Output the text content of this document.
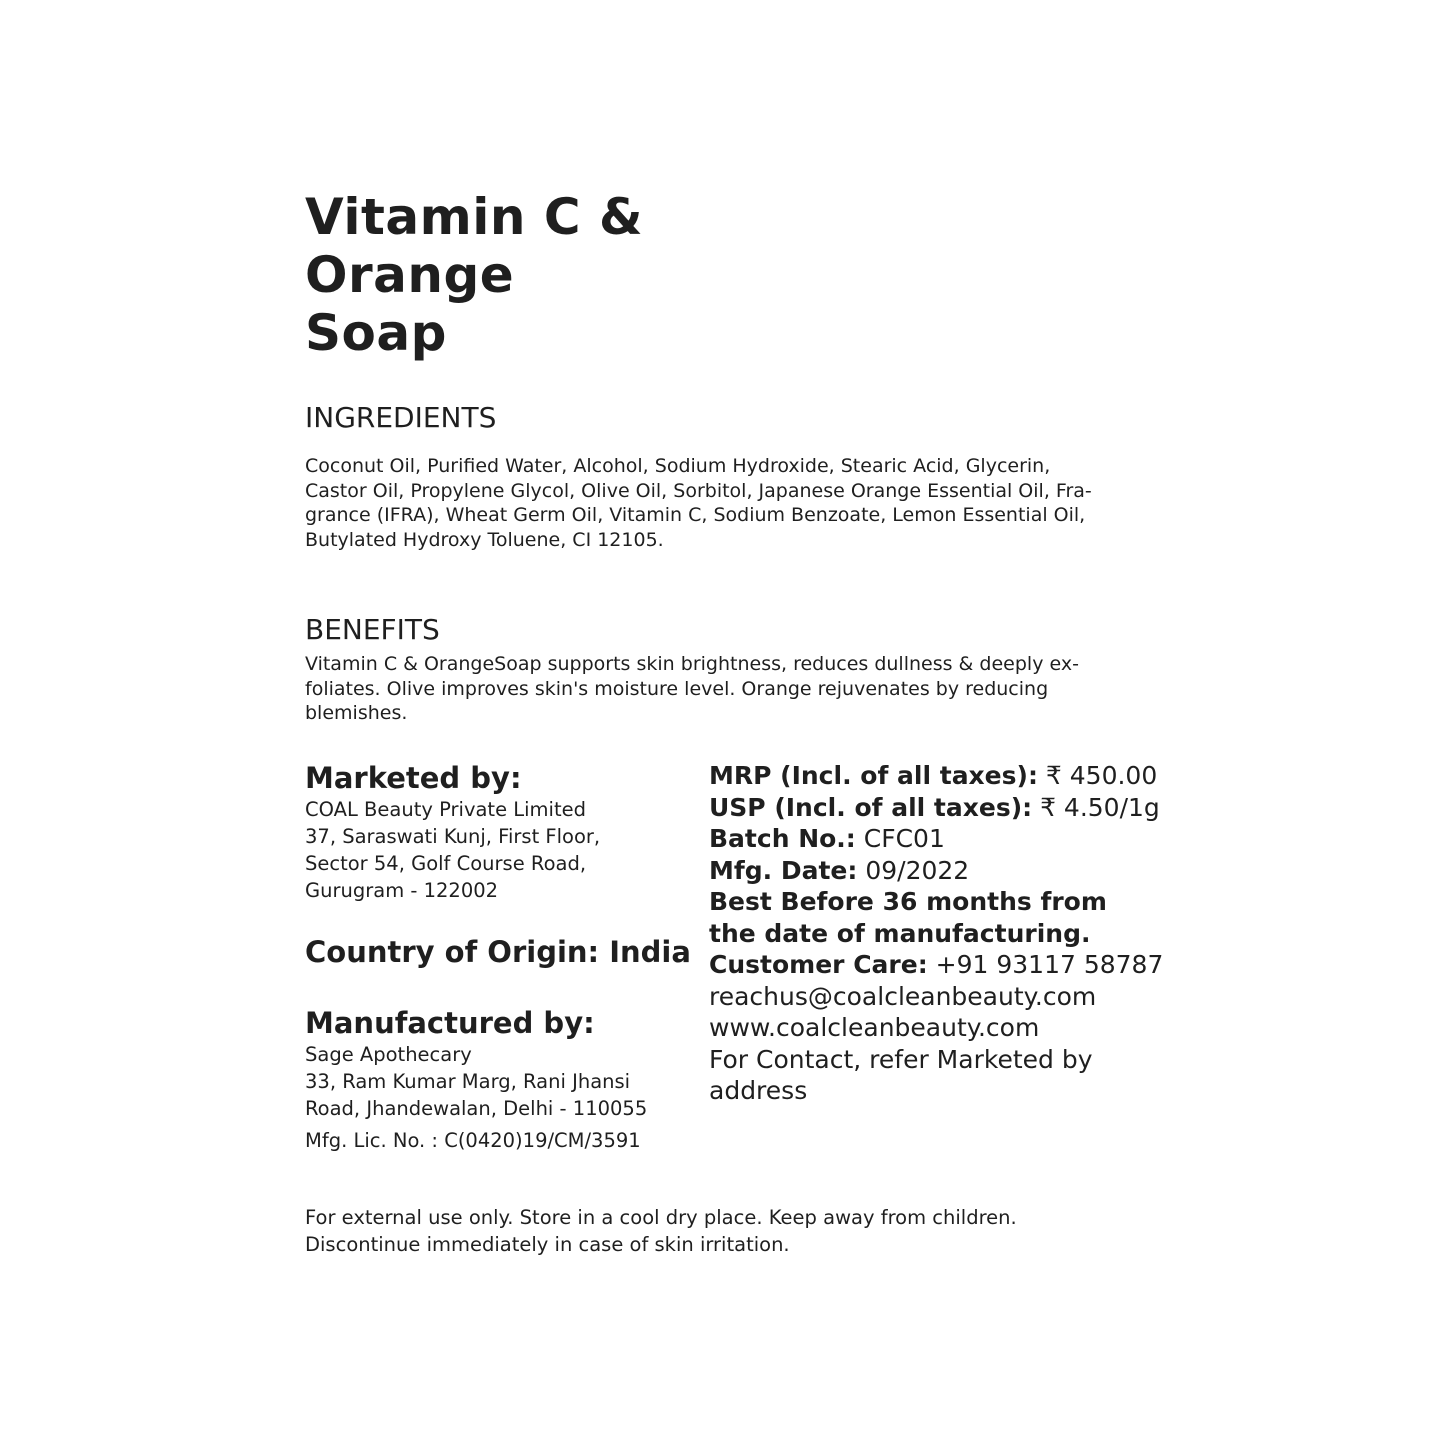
Vitamin C & Orange
Soap
INGREDIENTS
Coconut Oil, Purified Water, Alcohol, Sodium Hydroxide, Stearic Acid, Glycerin,
Castor Oil, Propylene Glycol, Olive Oil, Sorbitol, Japanese Orange Essential Oil, Fra-
grance (IFRA), Wheat Germ Oil, Vitamin C, Sodium Benzoate, Lemon Essential Oil,
Butylated Hydroxy Toluene, CI 12105.
BENEFITS
Vitamin C & OrangeSoap supports skin brightness, reduces dullness & deeply ex-
foliates. Olive improves skin's moisture level. Orange rejuvenates by reducing
blemishes.
Marketed by:
COAL Beauty Private Limited
37, Saraswati Kunj, First Floor,
Sector 54, Golf Course Road,
Gurugram - 122002
Country of Origin: India
Manufactured by:
Sage Apothecary
33, Ram Kumar Marg, Rani Jhansi
Road, Jhandewalan, Delhi - 110055
Mfg. Lic. No. : C(0420)19/CM/3591
MRP (Incl. of all taxes): ₹ 450.00
USP (Incl. of all taxes): ₹ 4.50/1g
Batch No.: CFC01
Mfg. Date: 09/2022
Best Before 36 months from
the date of manufacturing.
Customer Care: +91 93117 58787
reachus@coalcleanbeauty.com
www.coalcleanbeauty.com
For Contact, refer Marketed by
address
For external use only. Store in a cool dry place. Keep away from children.
Discontinue immediately in case of skin irritation.
